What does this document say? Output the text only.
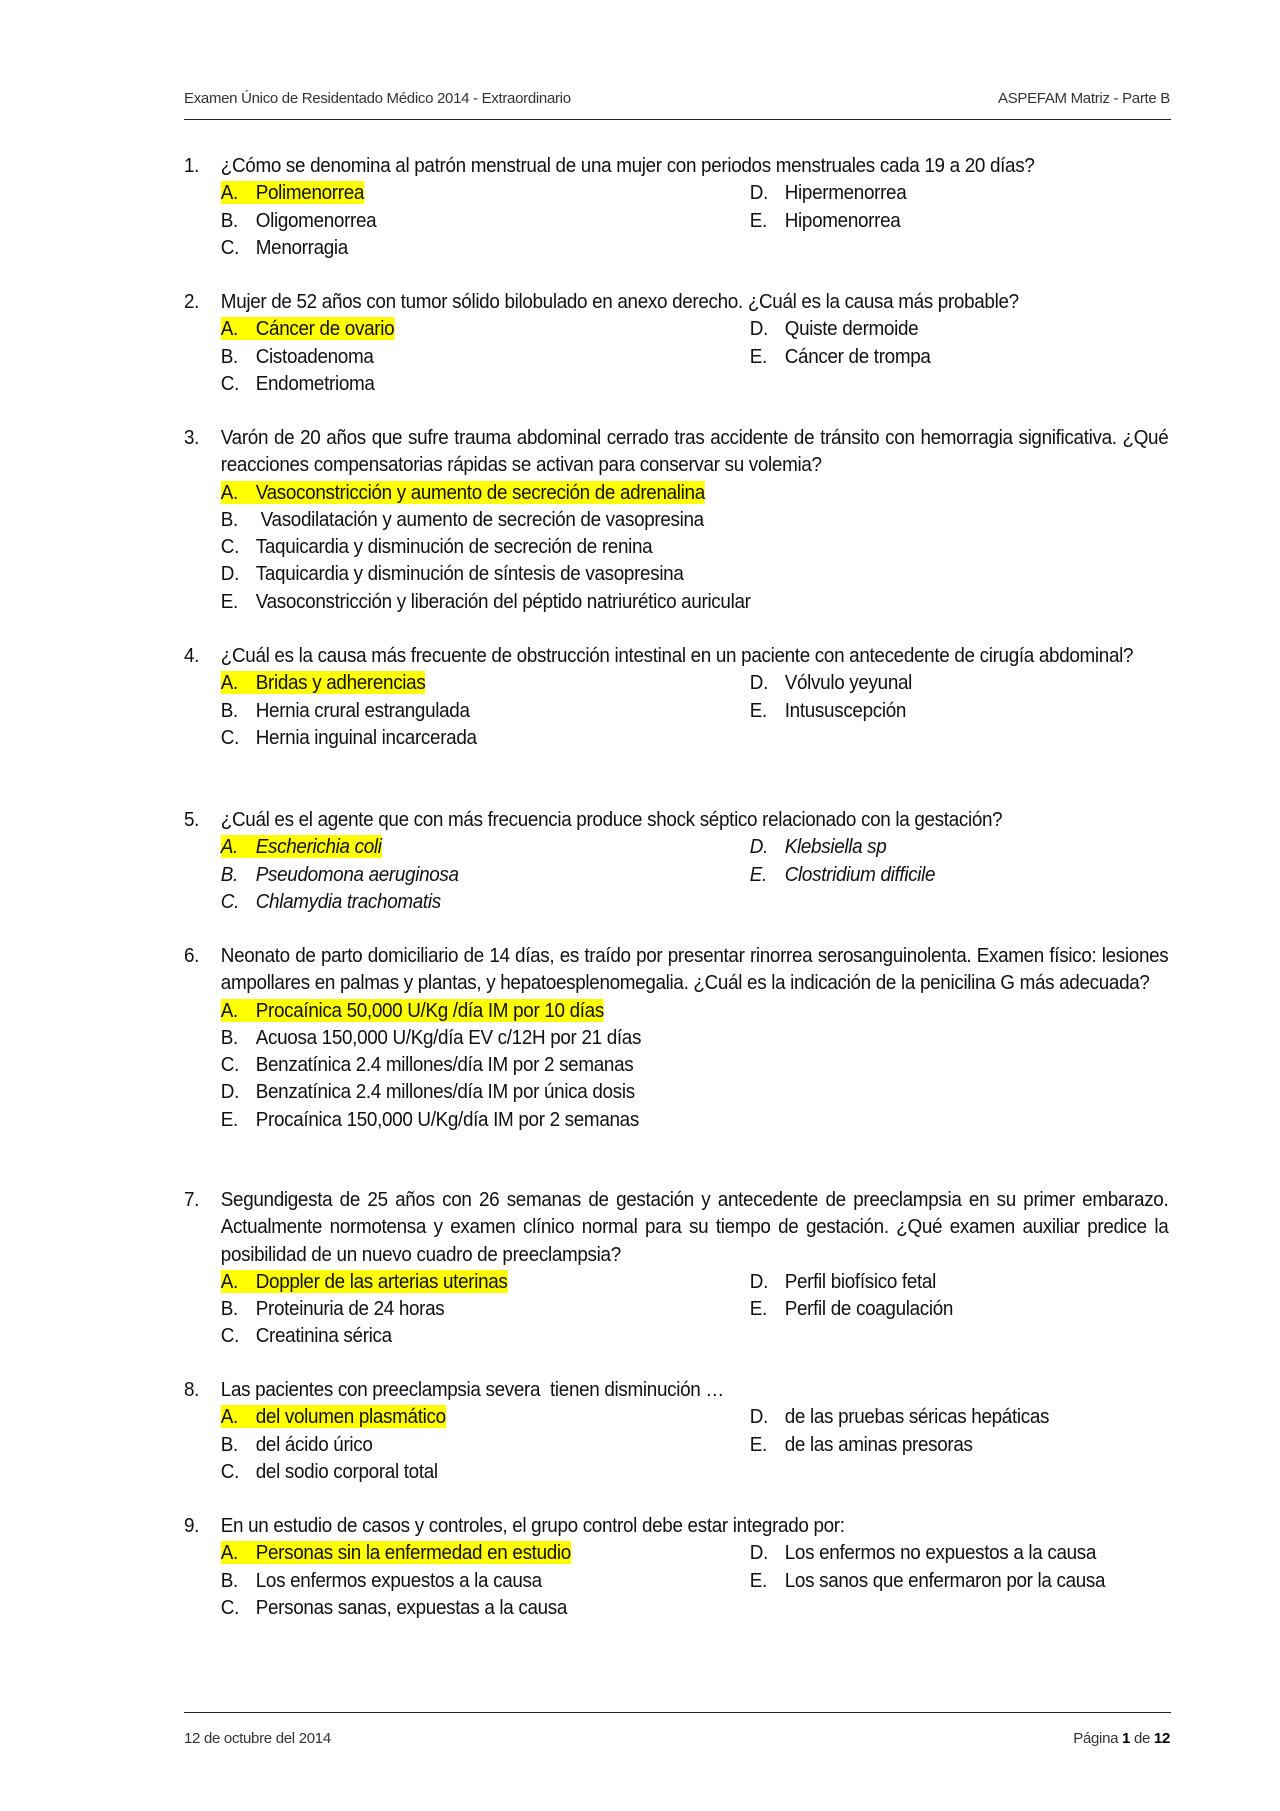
Examen Único de Residentado Médico 2014 - Extraordinario	ASPEFAM Matriz - Parte B
1.	¿Cómo se denomina al patrón menstrual de una mujer con periodos menstruales cada 19 a 20 días?
A. Polimenorrea	D. Hipermenorrea
B. Oligomenorrea	E. Hipomenorrea
C. Menorragia
2.	Mujer de 52 años con tumor sólido bilobulado en anexo derecho. ¿Cuál es la causa más probable?
A. Cáncer de ovario	D. Quiste dermoide
B. Cistoadenoma	E. Cáncer de trompa
C. Endometrioma
3.	Varón de 20 años que sufre trauma abdominal cerrado tras accidente de tránsito con hemorragia significativa. ¿Qué reacciones compensatorias rápidas se activan para conservar su volemia?
A. Vasoconstricción y aumento de secreción de adrenalina
B. Vasodilatación y aumento de secreción de vasopresina
C. Taquicardia y disminución de secreción de renina
D. Taquicardia y disminución de síntesis de vasopresina
E. Vasoconstricción y liberación del péptido natriurético auricular
4.	¿Cuál es la causa más frecuente de obstrucción intestinal en un paciente con antecedente de cirugía abdominal?
A. Bridas y adherencias	D. Vólvulo yeyunal
B. Hernia crural estrangulada	E. Intususcepción
C. Hernia inguinal incarcerada
5.	¿Cuál es el agente que con más frecuencia produce shock séptico relacionado con la gestación?
A. Escherichia coli	D. Klebsiella sp
B. Pseudomona aeruginosa	E. Clostridium difficile
C. Chlamydia trachomatis
6.	Neonato de parto domiciliario de 14 días, es traído por presentar rinorrea serosanguinolenta. Examen físico: lesiones ampollares en palmas y plantas, y hepatoesplenomegalia. ¿Cuál es la indicación de la penicilina G más adecuada?
A. Procaínica 50,000 U/Kg /día IM por 10 días
B. Acuosa 150,000 U/Kg/día EV c/12H por 21 días
C. Benzatínica 2.4 millones/día IM por 2 semanas
D. Benzatínica 2.4 millones/día IM por única dosis
E. Procaínica 150,000 U/Kg/día IM por 2 semanas
7.	Segundigesta de 25 años con 26 semanas de gestación y antecedente de preeclampsia en su primer embarazo. Actualmente normotensa y examen clínico normal para su tiempo de gestación. ¿Qué examen auxiliar predice la posibilidad de un nuevo cuadro de preeclampsia?
A. Doppler de las arterias uterinas	D. Perfil biofísico fetal
B. Proteinuria de 24 horas	E. Perfil de coagulación
C. Creatinina sérica
8.	Las pacientes con preeclampsia severa  tienen disminución …
A. del volumen plasmático	D. de las pruebas séricas hepáticas
B. del ácido úrico	E. de las aminas presoras
C. del sodio corporal total
9.	En un estudio de casos y controles, el grupo control debe estar integrado por:
A. Personas sin la enfermedad en estudio	D. Los enfermos no expuestos a la causa
B. Los enfermos expuestos a la causa	E. Los sanos que enfermaron por la causa
C. Personas sanas, expuestas a la causa
12 de octubre del 2014	Página 1 de 12
